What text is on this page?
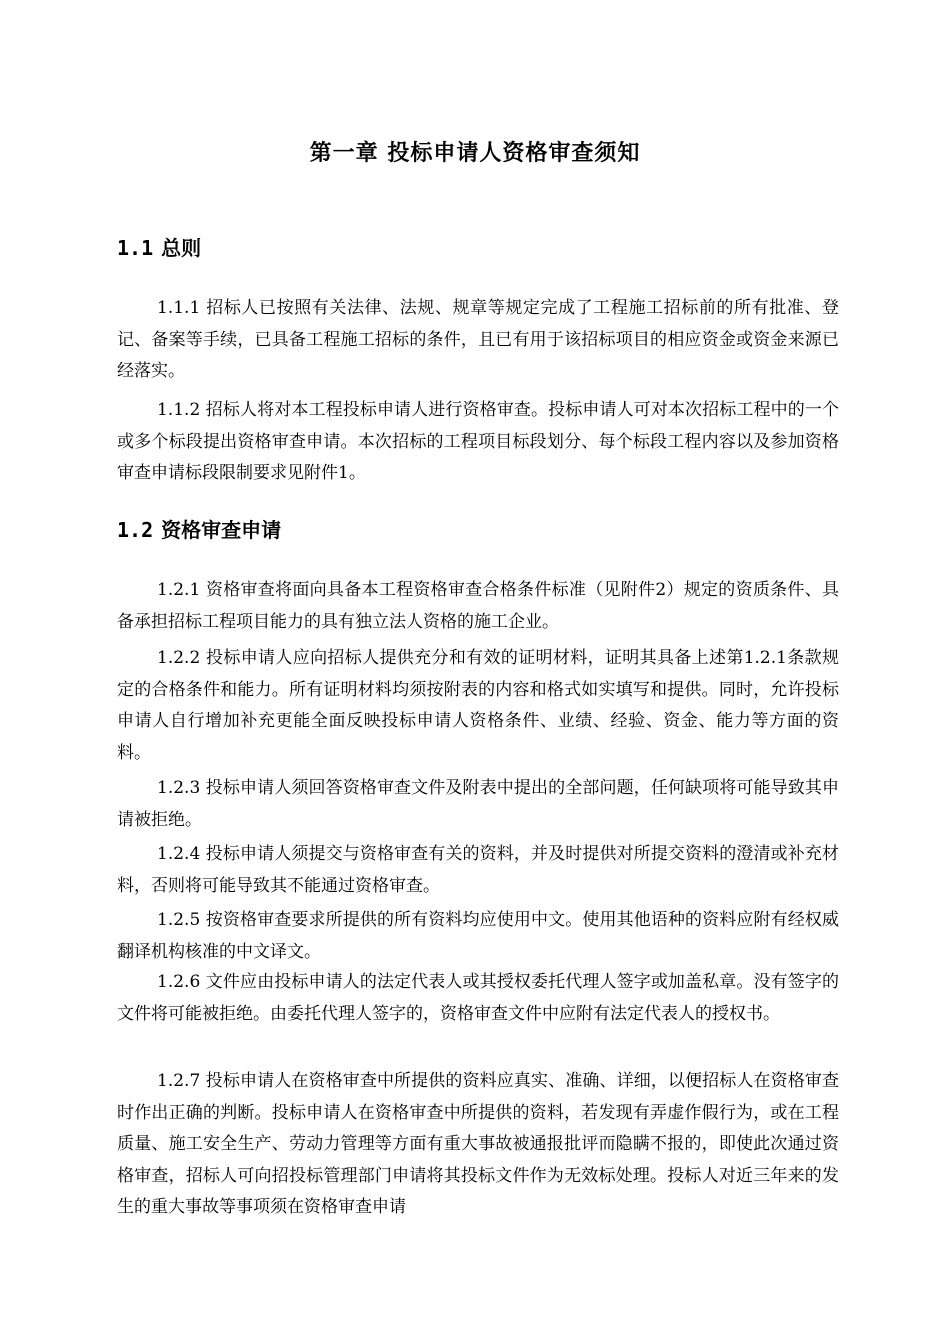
第一章 投标申请人资格审查须知
1.1 总则

1.1.1 招标人已按照有关法律、法规、规章等规定完成了工程施工招标前的所有批准、登记、备案等手续，已具备工程施工招标的条件，且已有用于该招标项目的相应资金或资金来源已经落实。

1.1.2 招标人将对本工程投标申请人进行资格审查。投标申请人可对本次招标工程中的一个或多个标段提出资格审查申请。本次招标的工程项目标段划分、每个标段工程内容以及参加资格审查申请标段限制要求见附件1。

1.2 资格审查申请

1.2.1 资格审查将面向具备本工程资格审查合格条件标准（见附件2）规定的资质条件、具备承担招标工程项目能力的具有独立法人资格的施工企业。

1.2.2 投标申请人应向招标人提供充分和有效的证明材料，证明其具备上述第1.2.1条款规定的合格条件和能力。所有证明材料均须按附表的内容和格式如实填写和提供。同时，允许投标申请人自行增加补充更能全面反映投标申请人资格条件、业绩、经验、资金、能力等方面的资料。

1.2.3 投标申请人须回答资格审查文件及附表中提出的全部问题，任何缺项将可能导致其申请被拒绝。

1.2.4 投标申请人须提交与资格审查有关的资料，并及时提供对所提交资料的澄清或补充材料，否则将可能导致其不能通过资格审查。

1.2.5 按资格审查要求所提供的所有资料均应使用中文。使用其他语种的资料应附有经权威翻译机构核准的中文译文。

1.2.6 文件应由投标申请人的法定代表人或其授权委托代理人签字或加盖私章。没有签字的文件将可能被拒绝。由委托代理人签字的，资格审查文件中应附有法定代表人的授权书。

1.2.7 投标申请人在资格审查中所提供的资料应真实、准确、详细，以便招标人在资格审查时作出正确的判断。投标申请人在资格审查中所提供的资料，若发现有弄虚作假行为，或在工程质量、施工安全生产、劳动力管理等方面有重大事故被通报批评而隐瞒不报的，即使此次通过资格审查，招标人可向招投标管理部门申请将其投标文件作为无效标处理。投标人对近三年来的发生的重大事故等事项须在资格审查申请
